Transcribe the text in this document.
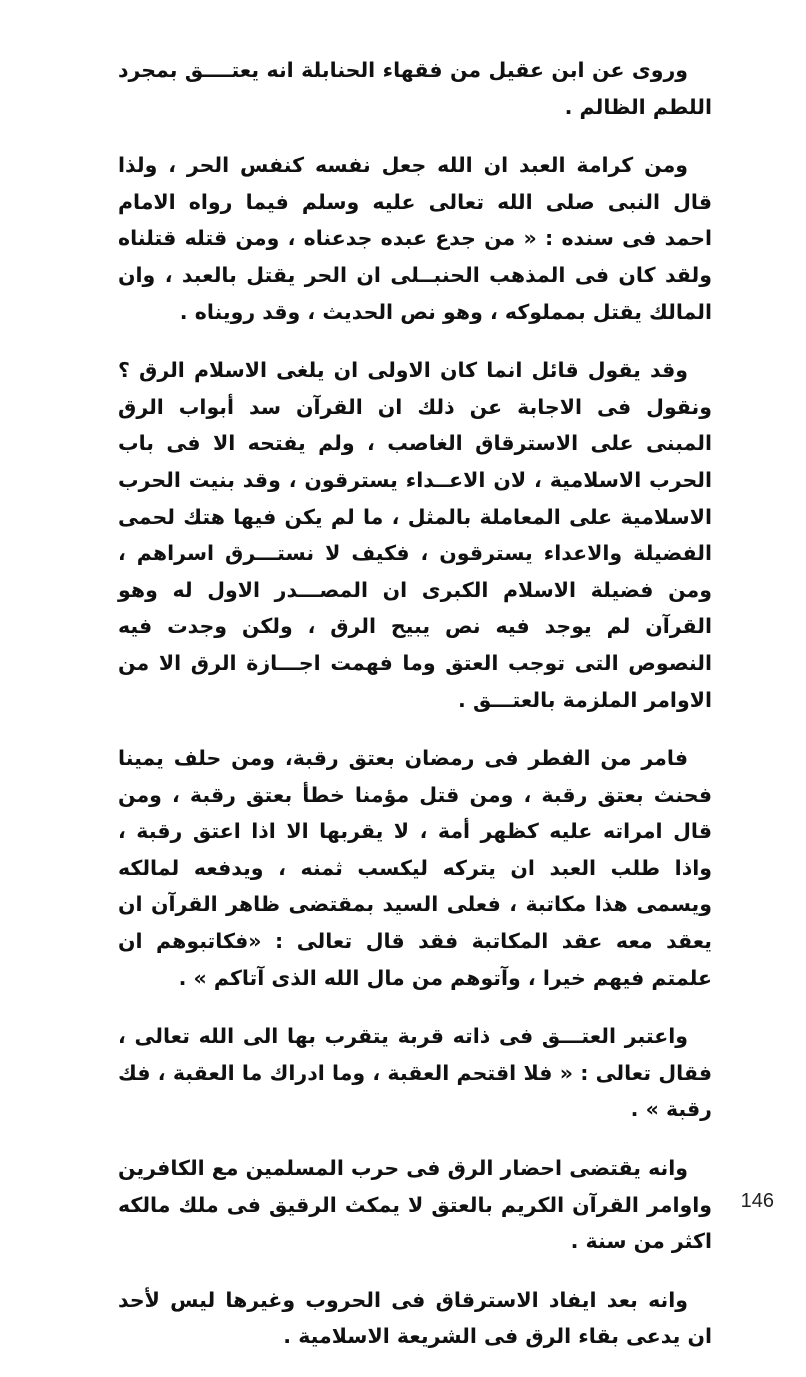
وروى عن ابن عقيل من فقهاء الحنابلة انه يعتــــق بمجرد اللطم الظالم .

ومن كرامة العبد ان الله جعل نفسه كنفس الحر ، ولذا قال النبى صلى الله تعالى عليه وسلم فيما رواه الامام احمد فى سنده : « من جدع عبده جدعناه ، ومن قتله قتلناه ولقد كان فى المذهب الحنبــلى ان الحر يقتل بالعبد ، وان المالك يقتل بمملوكه ، وهو نص الحديث ، وقد رويناه .

وقد يقول قائل انما كان الاولى ان يلغى الاسلام الرق ؟ ونقول فى الاجابة عن ذلك ان القرآن سد أبواب الرق المبنى على الاسترقاق الغاصب ، ولم يفتحه الا فى باب الحرب الاسلامية ، لان الاعــداء يسترقون ، وقد بنيت الحرب الاسلامية على المعاملة بالمثل ، ما لم يكن فيها هتك لحمى الفضيلة والاعداء يسترقون ، فكيف لا نستـــرق اسراهم ، ومن فضيلة الاسلام الكبرى ان المصـــدر الاول له وهو القرآن لم يوجد فيه نص يبيح الرق ، ولكن وجدت فيه النصوص التى توجب العتق وما فهمت اجـــازة الرق الا من الاوامر الملزمة بالعتـــق .

فامر من الفطر فى رمضان بعتق رقبة، ومن حلف يمينا فحنث بعتق رقبة ، ومن قتل مؤمنا خطأ بعتق رقبة ، ومن قال امراته عليه كظهر أمة ، لا يقربها الا اذا اعتق رقبة ، واذا طلب العبد ان يتركه ليكسب ثمنه ، ويدفعه لمالكه ويسمى هذا مكاتبة ، فعلى السيد بمقتضى ظاهر القرآن ان يعقد معه عقد المكاتبة فقد قال تعالى : «فكاتبوهم ان علمتم فيهم خيرا ، وآتوهم من مال الله الذى آتاكم » .

واعتبر العتـــق فى ذاته قربة يتقرب بها الى الله تعالى ، فقال تعالى : « فلا اقتحم العقبة ، وما ادراك ما العقبة ، فك رقبة » .

وانه يقتضى احضار الرق فى حرب المسلمين مع الكافرين واوامر القرآن الكريم بالعتق لا يمكث الرقيق فى ملك مالكه اكثر من سنة .

وانه بعد ايفاد الاسترقاق فى الحروب وغيرها ليس لأحد ان يدعى بقاء الرق فى الشريعة الاسلامية .

146
